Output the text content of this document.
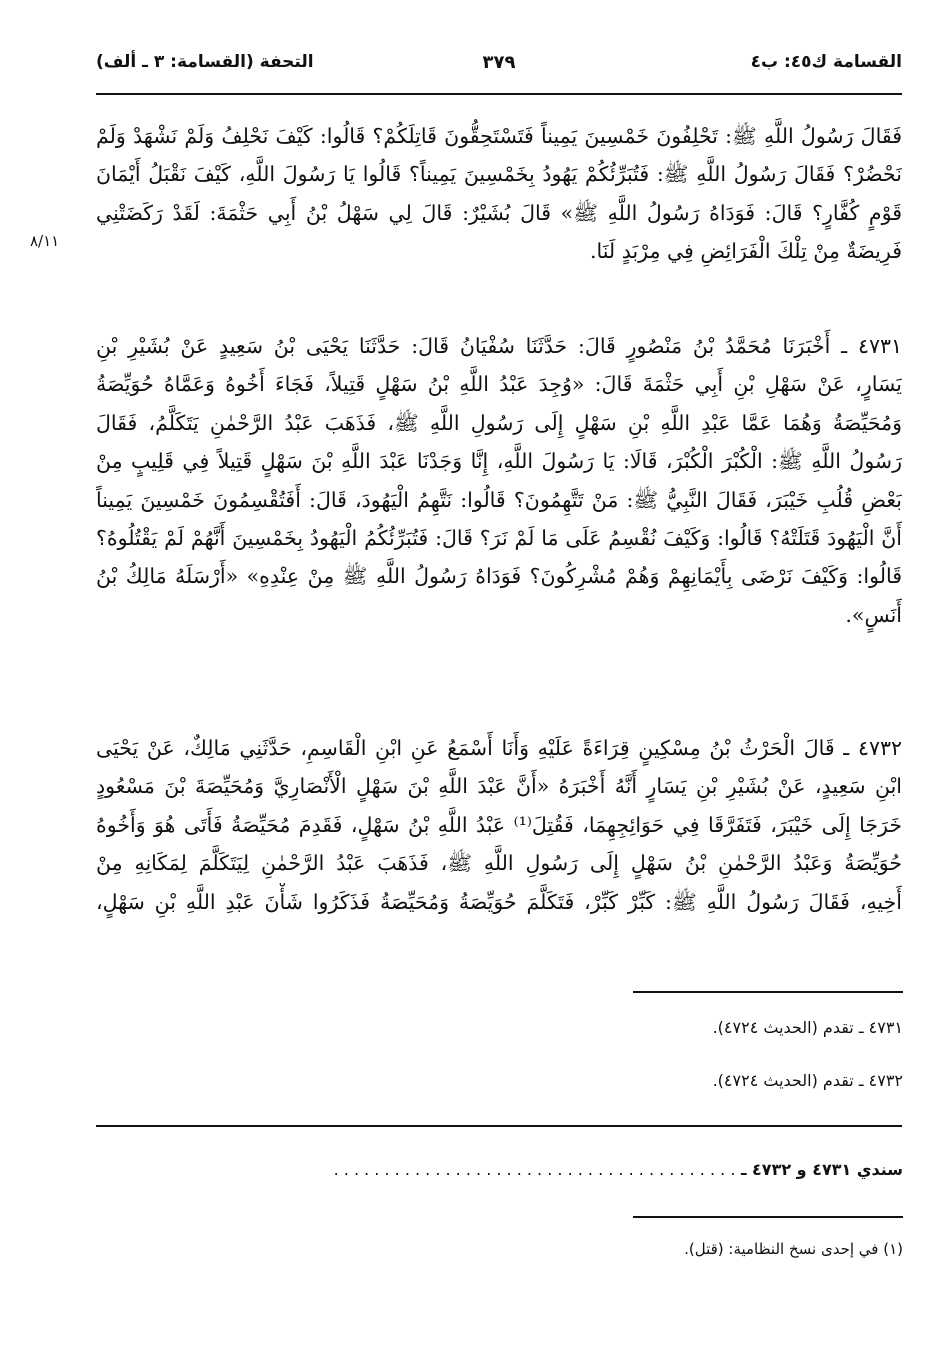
القسامة ك٤٥: ب٤
٣٧٩
التحفة (القسامة: ٣ ـ ألف)
٨/١١
فَقَالَ رَسُولُ اللَّهِ ﷺ: تَحْلِفُونَ خَمْسِينَ يَمِيناً فَتَسْتَحِقُّونَ قَاتِلَكُمْ؟ قَالُوا: كَيْفَ نَحْلِفُ وَلَمْ نَشْهَدْ وَلَمْ
نَحْضُرْ؟ فَقَالَ رَسُولُ اللَّهِ ﷺ: فَتُبَرِّئُكُمْ يَهُودُ بِخَمْسِينَ يَمِيناً؟ قَالُوا يَا رَسُولَ اللَّهِ، كَيْفَ نَقْبَلُ أَيْمَانَ
قَوْمٍ كُفَّارٍ؟ قَالَ: فَوَدَاهُ رَسُولُ اللَّهِ ﷺ» قَالَ بُشَيْرٌ: قَالَ لِي سَهْلُ بْنُ أَبِي حَثْمَةَ: لَقَدْ رَكَضَتْنِي
فَرِيضَةٌ مِنْ تِلْكَ الْفَرَائِضِ فِي مِرْبَدٍ لَنَا.
٤٧٣١ ـ أَخْبَرَنَا مُحَمَّدُ بْنُ مَنْصُورٍ قَالَ: حَدَّثَنَا سُفْيَانُ قَالَ: حَدَّثَنَا يَحْيَى بْنُ سَعِيدٍ عَنْ بُشَيْرِ بْنِ
يَسَارٍ، عَنْ سَهْلِ بْنِ أَبِي حَثْمَةَ قَالَ: «وُجِدَ عَبْدُ اللَّهِ بْنُ سَهْلٍ قَتِيلاً، فَجَاءَ أَخُوهُ وَعَمَّاهُ حُوَيِّصَةُ
وَمُحَيِّصَةُ وَهُمَا عَمَّا عَبْدِ اللَّهِ بْنِ سَهْلٍ إِلَى رَسُولِ اللَّهِ ﷺ، فَذَهَبَ عَبْدُ الرَّحْمٰنِ يَتَكَلَّمُ، فَقَالَ
رَسُولُ اللَّهِ ﷺ: الْكُبْرَ الْكُبْرَ، قَالَا: يَا رَسُولَ اللَّهِ، إِنَّا وَجَدْنَا عَبْدَ اللَّهِ بْنَ سَهْلٍ قَتِيلاً فِي قَلِيبٍ مِنْ
بَعْضِ قُلُبِ خَيْبَرَ، فَقَالَ النَّبِيُّ ﷺ: مَنْ تَتَّهِمُونَ؟ قَالُوا: نَتَّهِمُ الْيَهُودَ، قَالَ: أَفَتُقْسِمُونَ خَمْسِينَ يَمِيناً
أَنَّ الْيَهُودَ قَتَلَتْهُ؟ قَالُوا: وَكَيْفَ نُقْسِمُ عَلَى مَا لَمْ نَرَ؟ قَالَ: فَتُبَرِّئُكُمُ الْيَهُودُ بِخَمْسِينَ أَنَّهُمْ لَمْ يَقْتُلُوهُ؟
قَالُوا: وَكَيْفَ نَرْضَى بِأَيْمَانِهِمْ وَهُمْ مُشْرِكُونَ؟ فَوَدَاهُ رَسُولُ اللَّهِ ﷺ مِنْ عِنْدِهِ» «أَرْسَلَهُ مَالِكُ بْنُ
أَنَسٍ».
٤٧٣٢ ـ قَالَ الْحَرْثُ بْنُ مِسْكِينٍ قِرَاءَةً عَلَيْهِ وَأَنَا أَسْمَعُ عَنِ ابْنِ الْقَاسِمِ، حَدَّثَنِي مَالِكٌ، عَنْ يَحْيَى
ابْنِ سَعِيدٍ، عَنْ بُشَيْرِ بْنِ يَسَارٍ أَنَّهُ أَخْبَرَهُ «أَنَّ عَبْدَ اللَّهِ بْنَ سَهْلٍ الْأَنْصَارِيَّ وَمُحَيِّصَةَ بْنَ مَسْعُودٍ
خَرَجَا إِلَى خَيْبَرَ، فَتَفَرَّقَا فِي حَوَائِجِهِمَا، فَقُتِلَ⁽¹⁾ عَبْدُ اللَّهِ بْنُ سَهْلٍ، فَقَدِمَ مُحَيِّصَةُ فَأَتَى هُوَ وَأَخُوهُ
حُوَيِّصَةُ وَعَبْدُ الرَّحْمٰنِ بْنُ سَهْلٍ إِلَى رَسُولِ اللَّهِ ﷺ، فَذَهَبَ عَبْدُ الرَّحْمٰنِ لِيَتَكَلَّمَ لِمَكَانِهِ مِنْ
أَخِيهِ، فَقَالَ رَسُولُ اللَّهِ ﷺ: كَبِّرْ كَبِّرْ، فَتَكَلَّمَ حُوَيِّصَةُ وَمُحَيِّصَةُ فَذَكَرُوا شَأْنَ عَبْدِ اللَّهِ بْنِ سَهْلٍ،
٤٧٣١ ـ تقدم (الحديث ٤٧٢٤).
٤٧٣٢ ـ تقدم (الحديث ٤٧٢٤).
سندي ٤٧٣١ و ٤٧٣٢ ـ . . . . . . . . . . . . . . . . . . . . . . . . . . . . . . . . . . . . . . . .
(١) في إحدى نسخ النظامية: (قتل).
